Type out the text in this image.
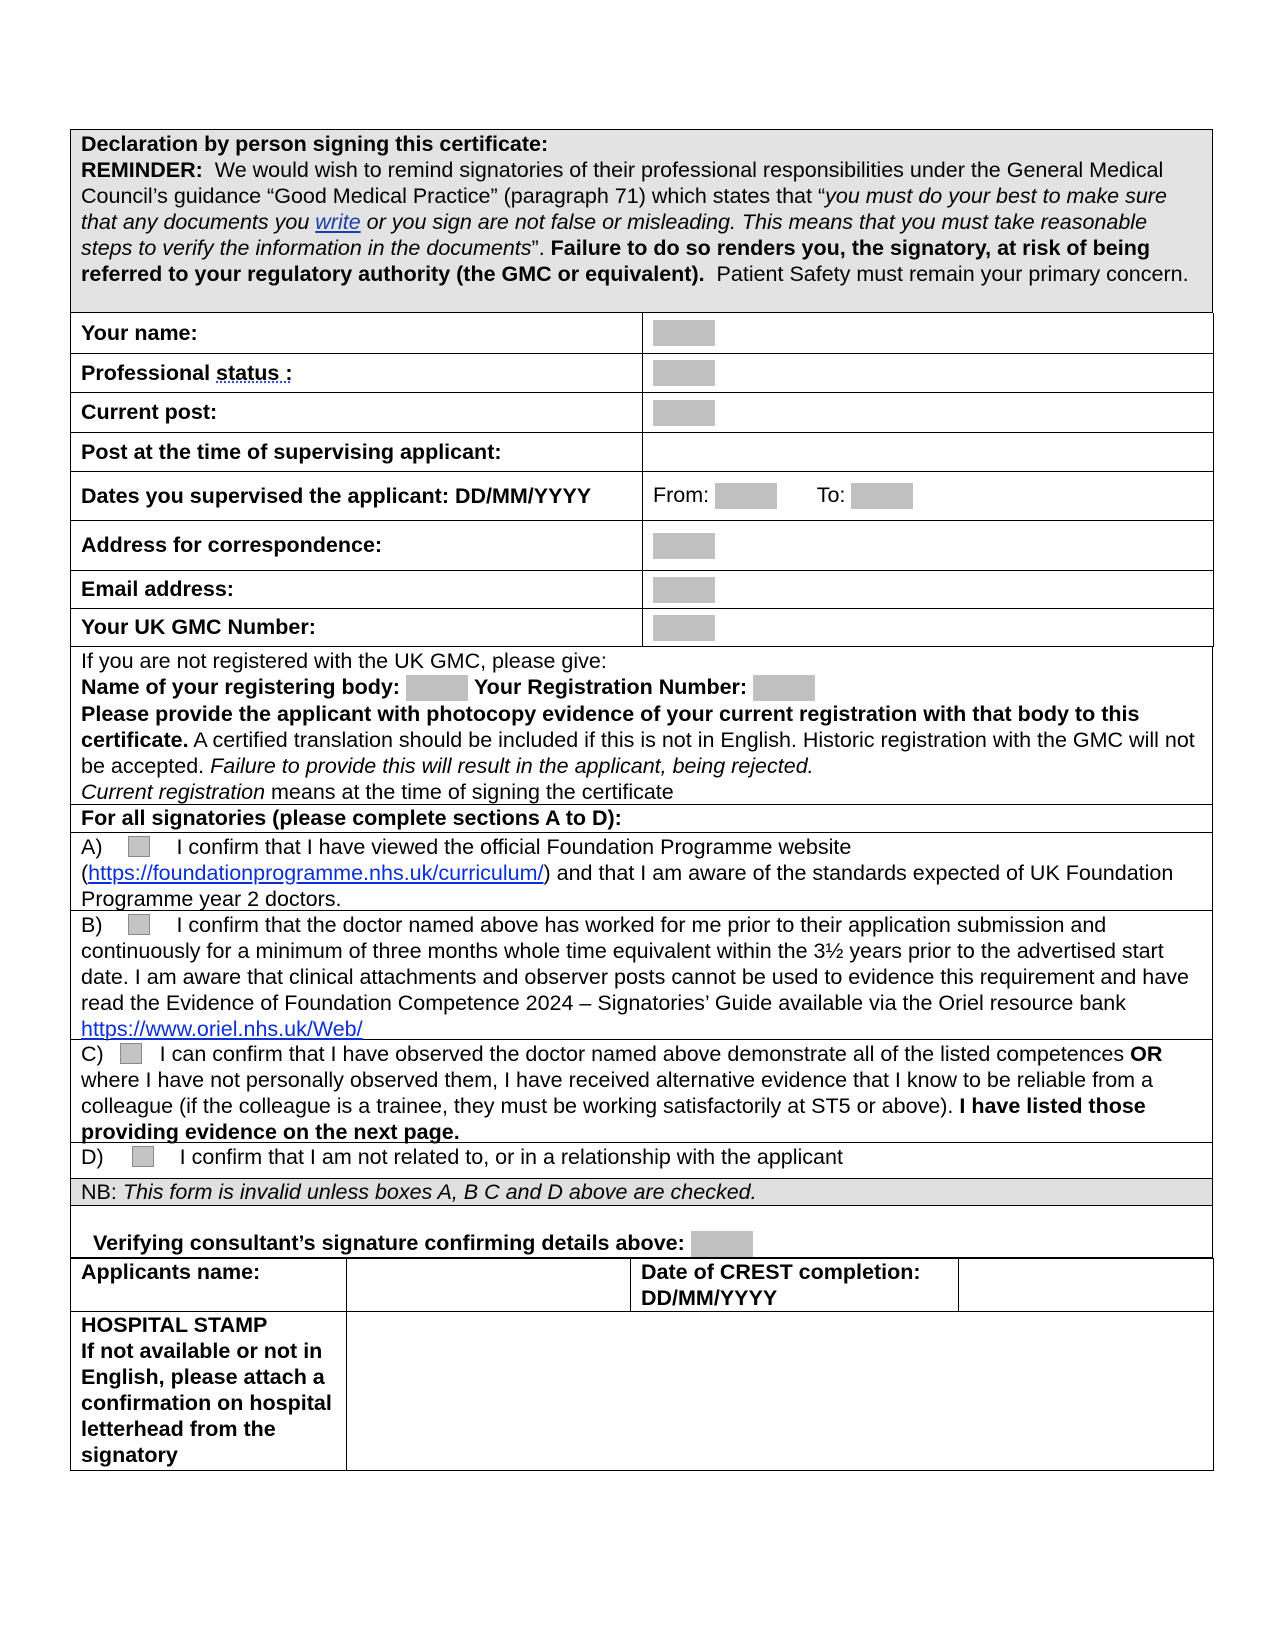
Declaration by person signing this certificate:
REMINDER: We would wish to remind signatories of their professional responsibilities under the General Medical Council’s guidance “Good Medical Practice” (paragraph 71) which states that “you must do your best to make sure that any documents you write or you sign are not false or misleading. This means that you must take reasonable steps to verify the information in the documents”. Failure to do so renders you, the signatory, at risk of being referred to your regulatory authority (the GMC or equivalent). Patient Safety must remain your primary concern.
Your name:	
Professional status :	
Current post:	
Post at the time of supervising applicant:	
Dates you supervised the applicant: DD/MM/YYYY	From: To:
Address for correspondence:	
Email address:	
Your UK GMC Number:	
If you are not registered with the UK GMC, please give:
Name of your registering body:	Your Registration Number:
Please provide the applicant with photocopy evidence of your current registration with that body to this certificate. A certified translation should be included if this is not in English. Historic registration with the GMC will not be accepted. Failure to provide this will result in the applicant, being rejected.
Current registration means at the time of signing the certificate
For all signatories (please complete sections A to D):
A)	I confirm that I have viewed the official Foundation Programme website (https://foundationprogramme.nhs.uk/curriculum/) and that I am aware of the standards expected of UK Foundation Programme year 2 doctors.
B)	I confirm that the doctor named above has worked for me prior to their application submission and continuously for a minimum of three months whole time equivalent within the 3½ years prior to the advertised start date. I am aware that clinical attachments and observer posts cannot be used to evidence this requirement and have read the Evidence of Foundation Competence 2024 – Signatories’ Guide available via the Oriel resource bank https://www.oriel.nhs.uk/Web/
C)	I can confirm that I have observed the doctor named above demonstrate all of the listed competences OR where I have not personally observed them, I have received alternative evidence that I know to be reliable from a colleague (if the colleague is a trainee, they must be working satisfactorily at ST5 or above). I have listed those providing evidence on the next page.
D)	I confirm that I am not related to, or in a relationship with the applicant
NB: This form is invalid unless boxes A, B C and D above are checked.
Verifying consultant’s signature confirming details above:
Applicants name:		Date of CREST completion: DD/MM/YYYY	
HOSPITAL STAMP
If not available or not in English, please attach a confirmation on hospital letterhead from the signatory
